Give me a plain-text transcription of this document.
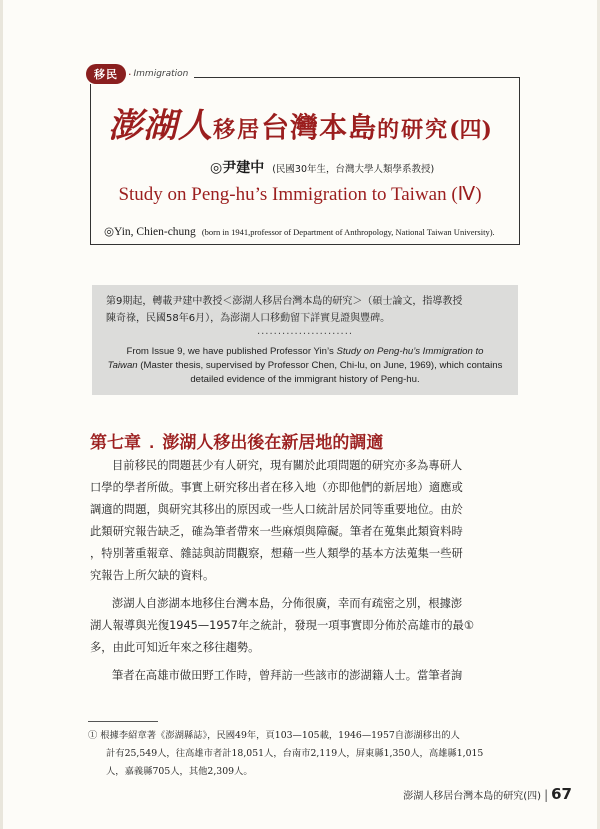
移民 · Immigration
澎湖人移居台灣本島的研究(四)
◎尹建中 (民國30年生，台灣大學人類學系教授)
Study on Peng-hu’s Immigration to Taiwan (Ⅳ)
◎Yin, Chien-chung (born in 1941,professor of Department of Anthropology, National Taiwan University).
第9期起，轉載尹建中教授＜澎湖人移居台灣本島的研究＞（碩士論文，指導教授
陳奇祿，民國58年6月），為澎湖人口移動留下詳實見證與豐碑。
·······················
From Issue 9, we have published Professor Yin’s Study on Peng-hu’s Immigration to
Taiwan (Master thesis, supervised by Professor Chen, Chi-lu, on June, 1969), which contains
detailed evidence of the immigrant history of Peng-hu.
第七章 . 澎湖人移出後在新居地的調適
目前移民的問題甚少有人研究，現有關於此項問題的研究亦多為專研人
口學的學者所做。事實上研究移出者在移入地（亦即他們的新居地）適應或
調適的問題，與研究其移出的原因或一些人口統計居於同等重要地位。由於
此類研究報告缺乏，確為筆者帶來一些麻煩與障礙。筆者在蒐集此類資料時
，特別著重報章、雜誌與訪問觀察，想藉一些人類學的基本方法蒐集一些研
究報告上所欠缺的資料。
澎湖人自澎湖本地移住台灣本島，分佈很廣，幸而有疏密之別，根據澎
湖人報導與光復1945—1957年之統計，發現一項事實即分佈於高雄市的最①
多，由此可知近年來之移往趨勢。
筆者在高雄市做田野工作時，曾拜訪一些該市的澎湖籍人士。當筆者詢
① 根據李紹章著《澎湖縣誌》，民國49年，頁103—105載，1946—1957自澎湖移出的人
計有25,549人，往高雄市者計18,051人，台南市2,119人，屏東縣1,350人，高雄縣1,015
人，嘉義縣705人，其他2,309人。
澎湖人移居台灣本島的研究(四) | 67
